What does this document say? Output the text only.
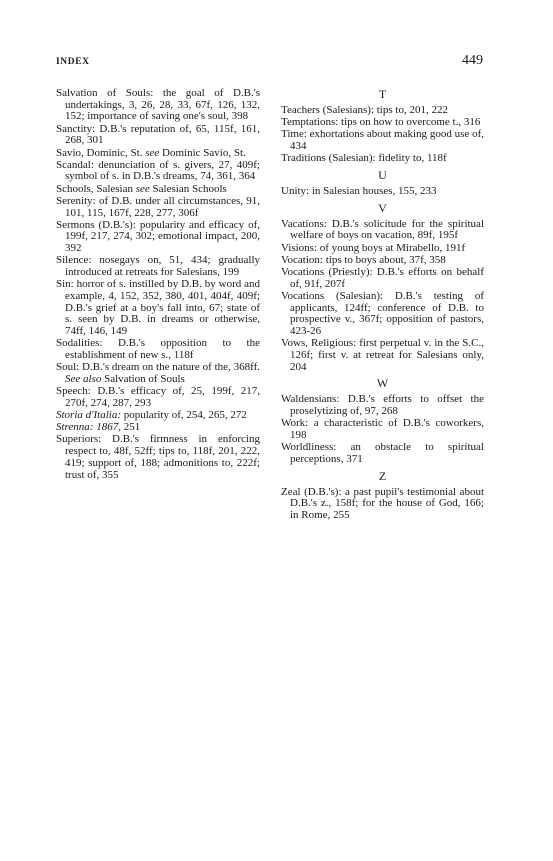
INDEX	449

Salvation of Souls: the goal of D.B.'s undertakings, 3, 26, 28, 33, 67f, 126, 132, 152; importance of saving one's soul, 398

Sanctity: D.B.'s reputation of, 65, 115f, 161, 268, 301

Savio, Dominic, St. see Dominic Savio, St.

Scandal: denunciation of s. givers, 27, 409f; symbol of s. in D.B.'s dreams, 74, 361, 364

Schools, Salesian see Salesian Schools

Serenity: of D.B. under all circumstances, 91, 101, 115, 167f, 228, 277, 306f

Sermons (D.B.'s): popularity and efficacy of, 199f, 217, 274, 302; emotional impact, 200, 392

Silence: nosegays on, 51, 434; gradually introduced at retreats for Salesians, 199

Sin: horror of s. instilled by D.B. by word and example, 4, 152, 352, 380, 401, 404f, 409f; D.B.'s grief at a boy's fall into, 67; state of s. seen by D.B. in dreams or otherwise, 74ff, 146, 149

Sodalities: D.B.'s opposition to the establishment of new s., 118f

Soul: D.B.'s dream on the nature of the, 368ff. See also Salvation of Souls

Speech: D.B.'s efficacy of, 25, 199f, 217, 270f, 274, 287, 293

Storia d'Italia: popularity of, 254, 265, 272

Strenna: 1867, 251

Superiors: D.B.'s firmness in enforcing respect to, 48f, 52ff; tips to, 118f, 201, 222, 419; support of, 188; admonitions to, 222f; trust of, 355

T

Teachers (Salesians): tips to, 201, 222

Temptations: tips on how to overcome t., 316

Time: exhortations about making good use of, 434

Traditions (Salesian): fidelity to, 118f

U

Unity: in Salesian houses, 155, 233

V

Vacations: D.B.'s solicitude for the spiritual welfare of boys on vacation, 89f, 195f

Visions: of young boys at Mirabello, 191f

Vocation: tips to boys about, 37f, 358

Vocations (Priestly): D.B.'s efforts on behalf of, 91f, 207f

Vocations (Salesian): D.B.'s testing of applicants, 124ff; conference of D.B. to prospective v., 367f; opposition of pastors, 423-26

Vows, Religious: first perpetual v. in the S.C., 126f; first v. at retreat for Salesians only, 204

W

Waldensians: D.B.'s efforts to offset the proselytizing of, 97, 268

Work: a characteristic of D.B.'s coworkers, 198

Worldliness: an obstacle to spiritual perceptions, 371

Z

Zeal (D.B.'s): a past pupil's testimonial about D.B.'s z., 158f; for the house of God, 166; in Rome, 255
